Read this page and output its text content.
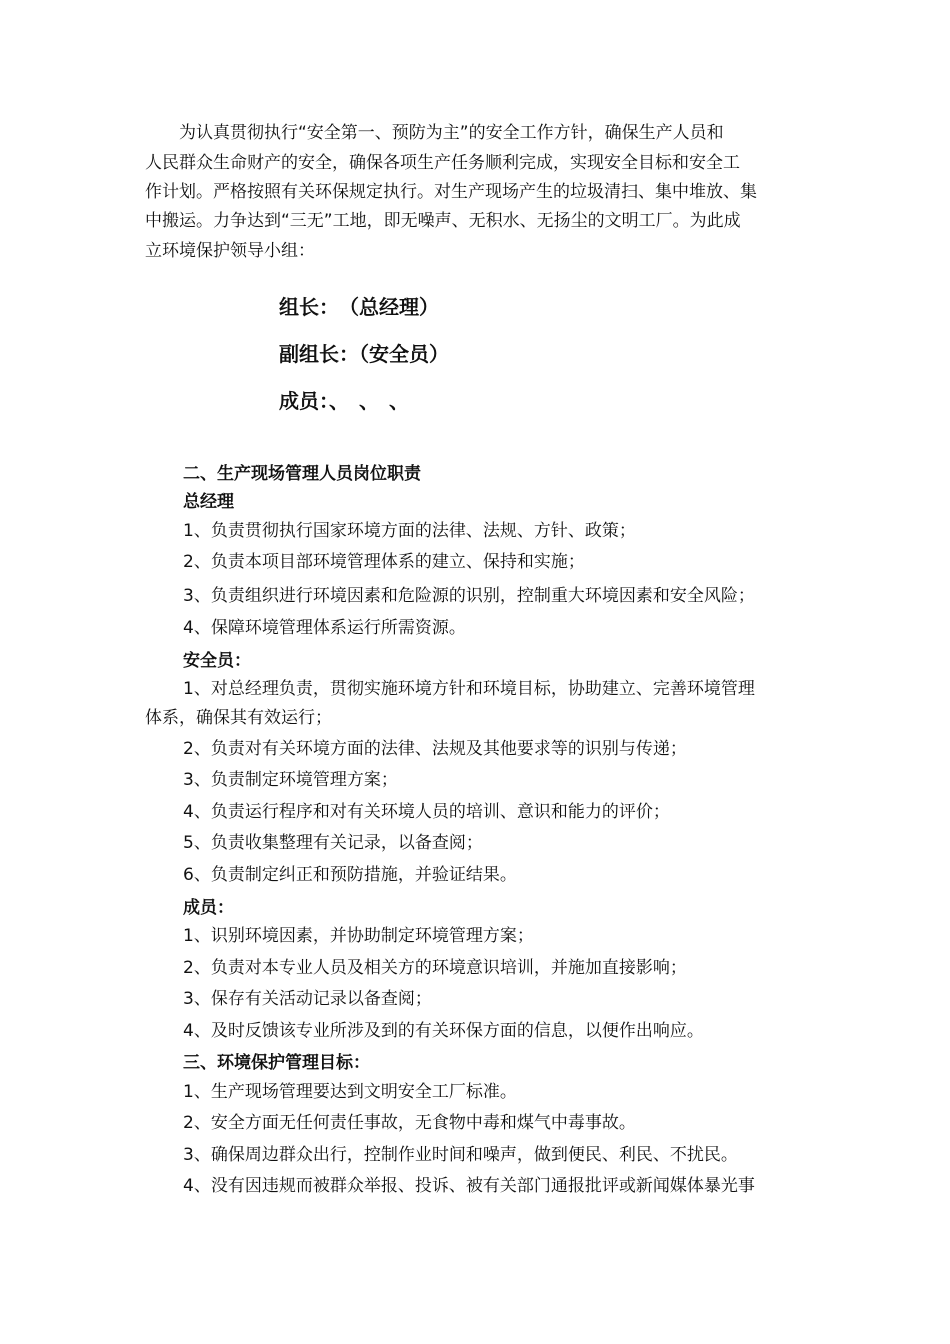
为认真贯彻执行“安全第一、预防为主”的安全工作方针，确保生产人员和
人民群众生命财产的安全，确保各项生产任务顺利完成，实现安全目标和安全工
作计划。严格按照有关环保规定执行。对生产现场产生的垃圾清扫、集中堆放、集
中搬运。力争达到“三无”工地，即无噪声、无积水、无扬尘的文明工厂。为此成
立环境保护领导小组：
组长：　（总经理）
副组长：（安全员）
成员：、　、　、
二、生产现场管理人员岗位职责
总经理
1、负责贯彻执行国家环境方面的法律、法规、方针、政策；
2、负责本项目部环境管理体系的建立、保持和实施；
3、负责组织进行环境因素和危险源的识别，控制重大环境因素和安全风险；
4、保障环境管理体系运行所需资源。
安全员：
1、对总经理负责，贯彻实施环境方针和环境目标，协助建立、完善环境管理
体系，确保其有效运行；
2、负责对有关环境方面的法律、法规及其他要求等的识别与传递；
3、负责制定环境管理方案；
4、负责运行程序和对有关环境人员的培训、意识和能力的评价；
5、负责收集整理有关记录，以备查阅；
6、负责制定纠正和预防措施，并验证结果。
成员：
1、识别环境因素，并协助制定环境管理方案；
2、负责对本专业人员及相关方的环境意识培训，并施加直接影响；
3、保存有关活动记录以备查阅；
4、及时反馈该专业所涉及到的有关环保方面的信息，以便作出响应。
三、环境保护管理目标：
1、生产现场管理要达到文明安全工厂标准。
2、安全方面无任何责任事故，无食物中毒和煤气中毒事故。
3、确保周边群众出行，控制作业时间和噪声，做到便民、利民、不扰民。
4、没有因违规而被群众举报、投诉、被有关部门通报批评或新闻媒体暴光事
